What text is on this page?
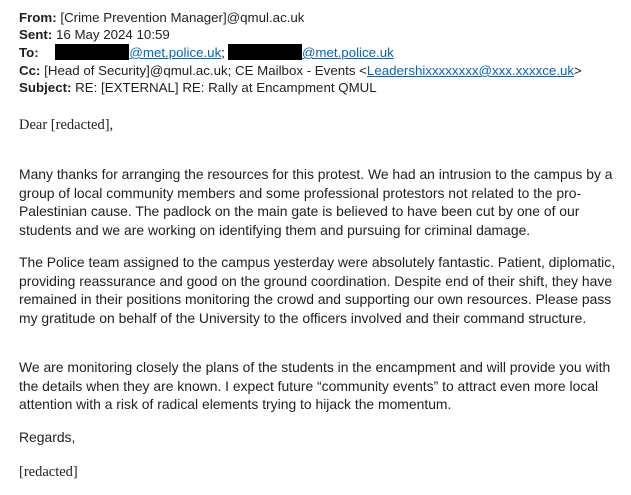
From: [Crime Prevention Manager]@qmul.ac.uk
Sent: 16 May 2024 10:59
To:	@met.police.uk;	@met.police.uk
Cc: [Head of Security]@qmul.ac.uk; CE Mailbox - Events <Leadershixxxxxxxx@xxx.xxxxce.uk>
Subject: RE: [EXTERNAL] RE: Rally at Encampment QMUL

Dear [redacted],

Many thanks for arranging the resources for this protest. We had an intrusion to the campus by a group of local community members and some professional protestors not related to the pro-Palestinian cause. The padlock on the main gate is believed to have been cut by one of our students and we are working on identifying them and pursuing for criminal damage.

The Police team assigned to the campus yesterday were absolutely fantastic. Patient, diplomatic, providing reassurance and good on the ground coordination. Despite end of their shift, they have remained in their positions monitoring the crowd and supporting our own resources. Please pass my gratitude on behalf of the University to the officers involved and their command structure.

We are monitoring closely the plans of the students in the encampment and will provide you with the details when they are known. I expect future “community events” to attract even more local attention with a risk of radical elements trying to hijack the momentum.

Regards,

[redacted]
